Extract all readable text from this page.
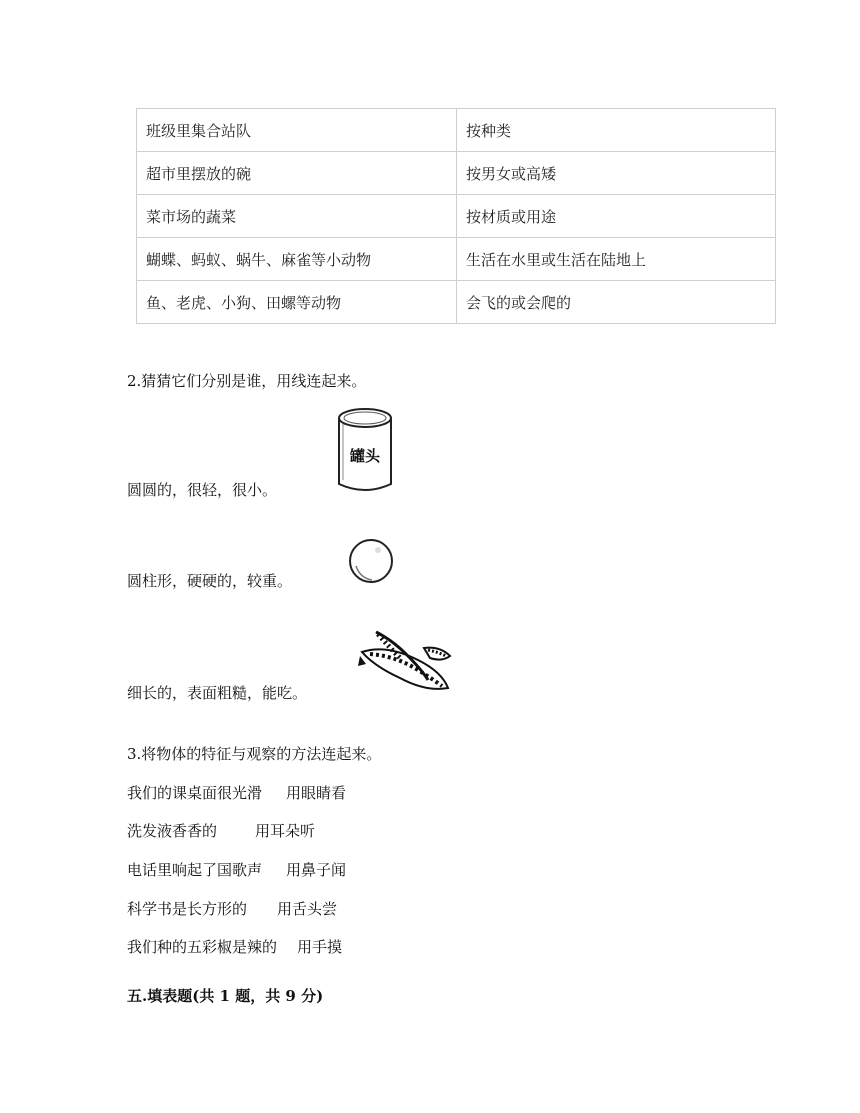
班级里集合站队	按种类
超市里摆放的碗	按男女或高矮
菜市场的蔬菜	按材质或用途
蝴蝶、蚂蚁、蜗牛、麻雀等小动物	生活在水里或生活在陆地上
鱼、老虎、小狗、田螺等动物	会飞的或会爬的
2.猜猜它们分别是谁，用线连起来。
圆圆的，很轻，很小。
圆柱形，硬硬的，较重。
细长的，表面粗糙，能吃。
罐头
3.将物体的特征与观察的方法连起来。
我们的课桌面很光滑 用眼睛看
洗发液香香的	用耳朵听
电话里响起了国歌声 用鼻子闻
科学书是长方形的 用舌头尝
我们种的五彩椒是辣的 用手摸
五.填表题(共 1 题，共 9 分)
